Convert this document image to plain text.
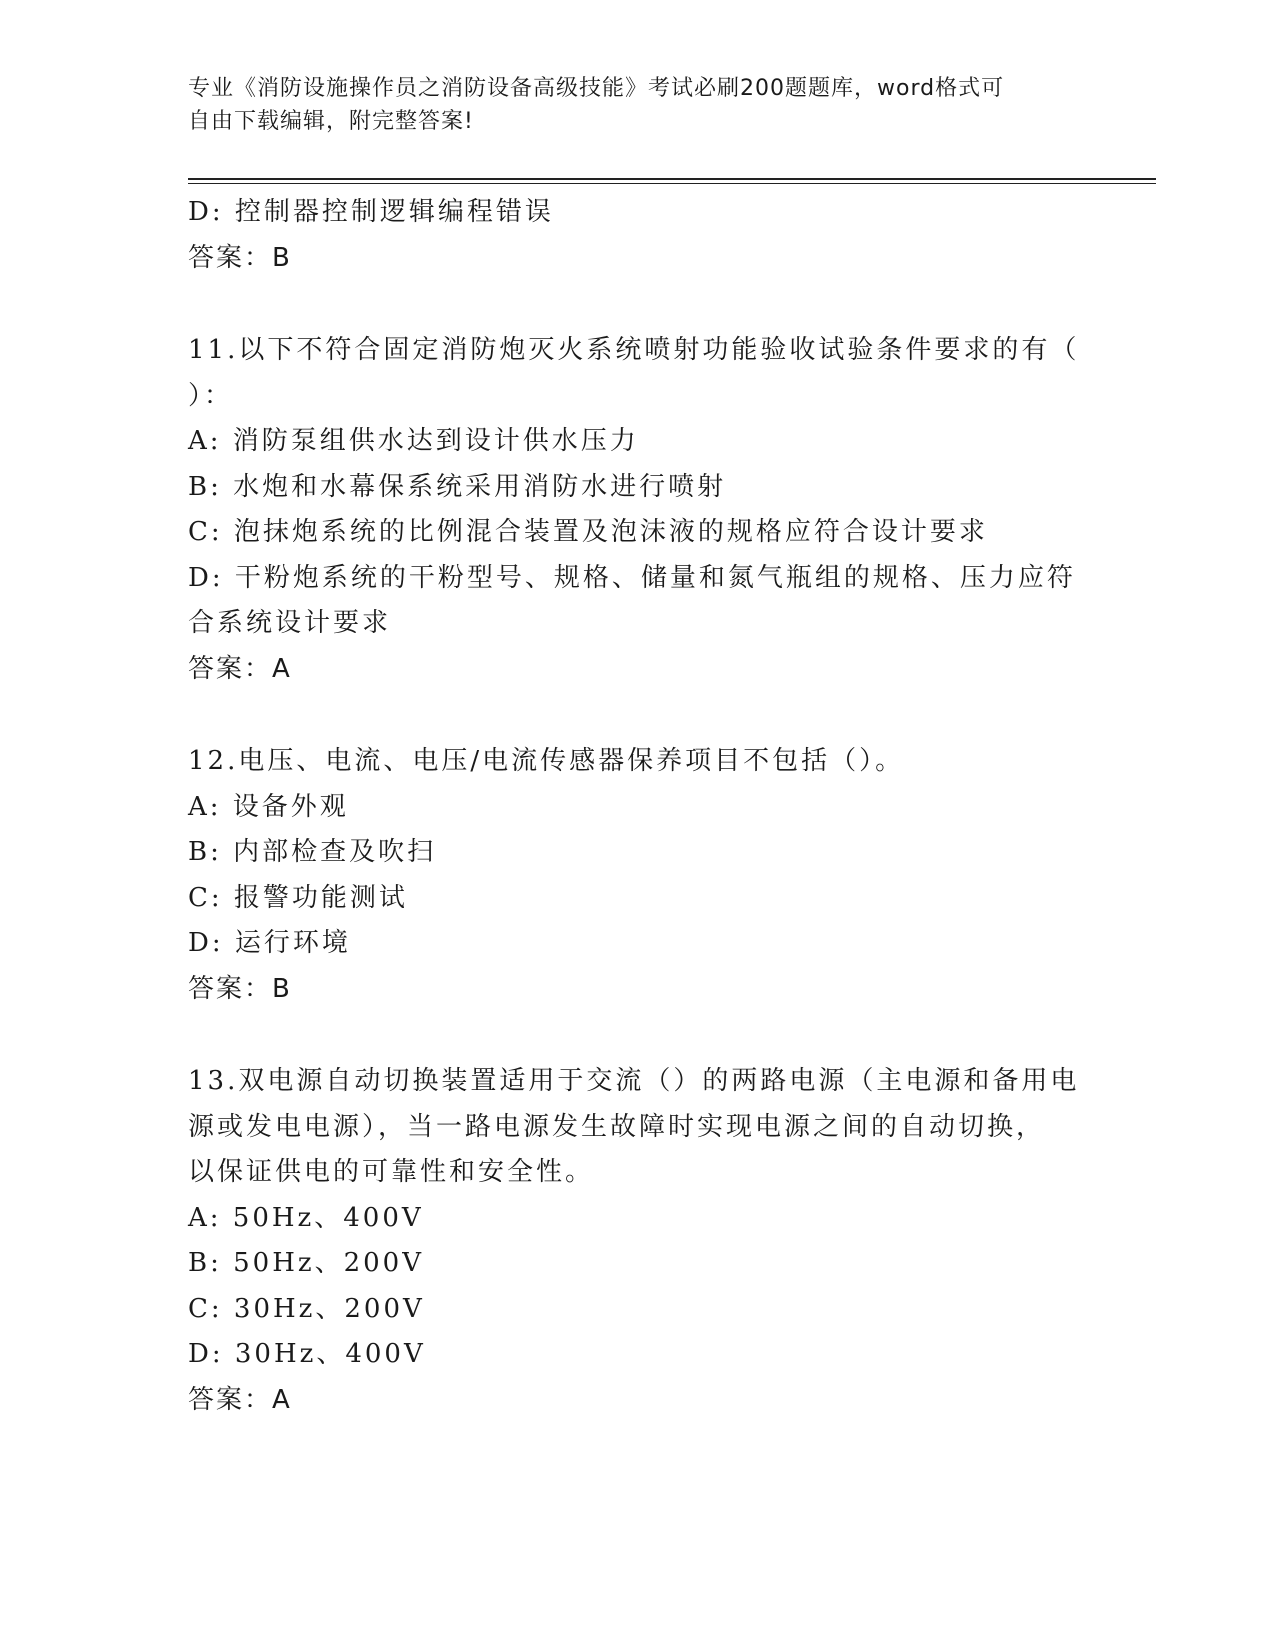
专业《消防设施操作员之消防设备高级技能》考试必刷200题题库，word格式可
自由下载编辑，附完整答案!
D: 控制器控制逻辑编程错误
答案：B
11.以下不符合固定消防炮灭火系统喷射功能验收试验条件要求的有（
）：
A: 消防泵组供水达到设计供水压力
B: 水炮和水幕保系统采用消防水进行喷射
C: 泡抹炮系统的比例混合装置及泡沫液的规格应符合设计要求
D: 干粉炮系统的干粉型号、规格、储量和氮气瓶组的规格、压力应符
合系统设计要求
答案：A
12.电压、电流、电压/电流传感器保养项目不包括（）。
A: 设备外观
B: 内部检查及吹扫
C: 报警功能测试
D: 运行环境
答案：B
13.双电源自动切换装置适用于交流（）的两路电源（主电源和备用电
源或发电电源），当一路电源发生故障时实现电源之间的自动切换，
以保证供电的可靠性和安全性。
A: 50Hz、400V
B: 50Hz、200V
C: 30Hz、200V
D: 30Hz、400V
答案：A
